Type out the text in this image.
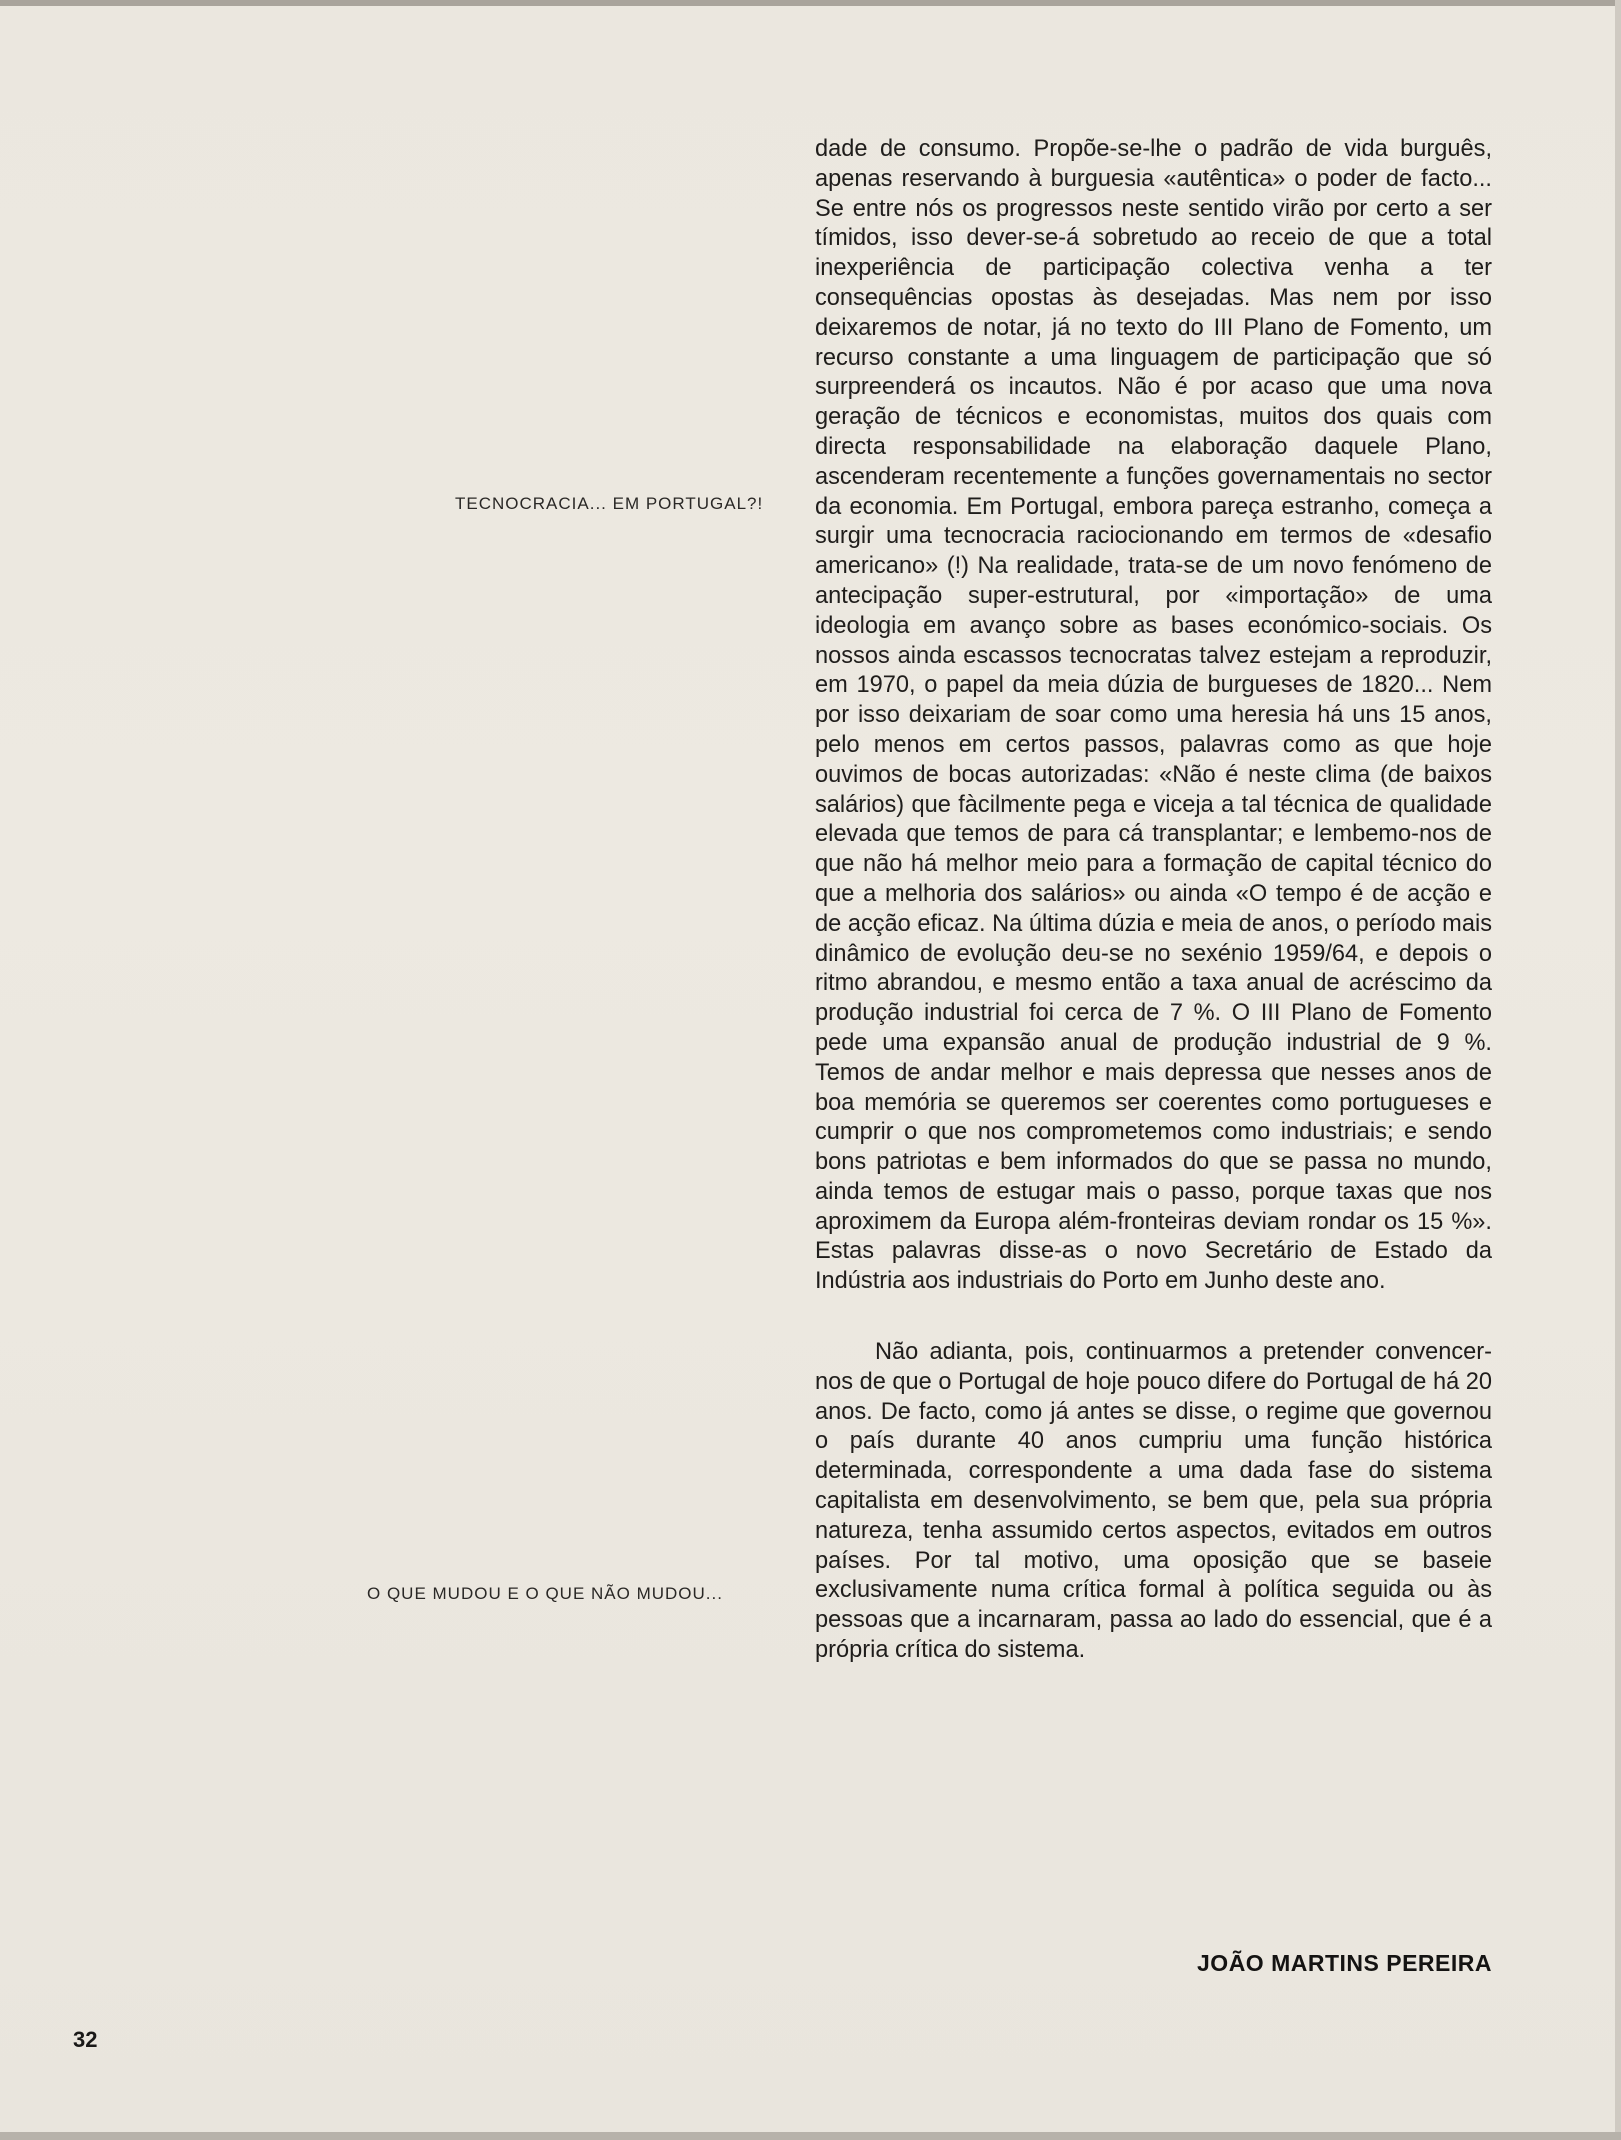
TECNOCRACIA... EM PORTUGAL?!
O QUE MUDOU E O QUE NÃO MUDOU...

dade de consumo. Propõe-se-lhe o padrão de vida burguês, apenas reservando à burguesia «autêntica» o poder de facto... Se entre nós os progressos neste sentido virão por certo a ser tímidos, isso dever-se-á sobretudo ao receio de que a total inexperiência de participação colectiva venha a ter consequências opostas às desejadas. Mas nem por isso deixaremos de notar, já no texto do III Plano de Fomento, um recurso constante a uma linguagem de participação que só surpreenderá os incautos. Não é por acaso que uma nova geração de técnicos e economistas, muitos dos quais com directa responsabilidade na elaboração daquele Plano, ascenderam recentemente a funções governamentais no sector da economia. Em Portugal, embora pareça estranho, começa a surgir uma tecnocracia raciocionando em termos de «desafio americano» (!) Na realidade, trata-se de um novo fenómeno de antecipação super-estrutural, por «importação» de uma ideologia em avanço sobre as bases económico-sociais. Os nossos ainda escassos tecnocratas talvez estejam a reproduzir, em 1970, o papel da meia dúzia de burgueses de 1820... Nem por isso deixariam de soar como uma heresia há uns 15 anos, pelo menos em certos passos, palavras como as que hoje ouvimos de bocas autorizadas: «Não é neste clima (de baixos salários) que fàcilmente pega e viceja a tal técnica de qualidade elevada que temos de para cá transplantar; e lembemo-nos de que não há melhor meio para a formação de capital técnico do que a melhoria dos salários» ou ainda «O tempo é de acção e de acção eficaz. Na última dúzia e meia de anos, o período mais dinâmico de evolução deu-se no sexénio 1959/64, e depois o ritmo abrandou, e mesmo então a taxa anual de acréscimo da produção industrial foi cerca de 7 %. O III Plano de Fomento pede uma expansão anual de produção industrial de 9 %. Temos de andar melhor e mais depressa que nesses anos de boa memória se queremos ser coerentes como portugueses e cumprir o que nos comprometemos como industriais; e sendo bons patriotas e bem informados do que se passa no mundo, ainda temos de estugar mais o passo, porque taxas que nos aproximem da Europa além-fronteiras deviam rondar os 15 %». Estas palavras disse-as o novo Secretário de Estado da Indústria aos industriais do Porto em Junho deste ano.

Não adianta, pois, continuarmos a pretender convencer-nos de que o Portugal de hoje pouco difere do Portugal de há 20 anos. De facto, como já antes se disse, o regime que governou o país durante 40 anos cumpriu uma função histórica determinada, correspondente a uma dada fase do sistema capitalista em desenvolvimento, se bem que, pela sua própria natureza, tenha assumido certos aspectos, evitados em outros países. Por tal motivo, uma oposição que se baseie exclusivamente numa crítica formal à política seguida ou às pessoas que a incarnaram, passa ao lado do essencial, que é a própria crítica do sistema.

JOÃO MARTINS PEREIRA
32
